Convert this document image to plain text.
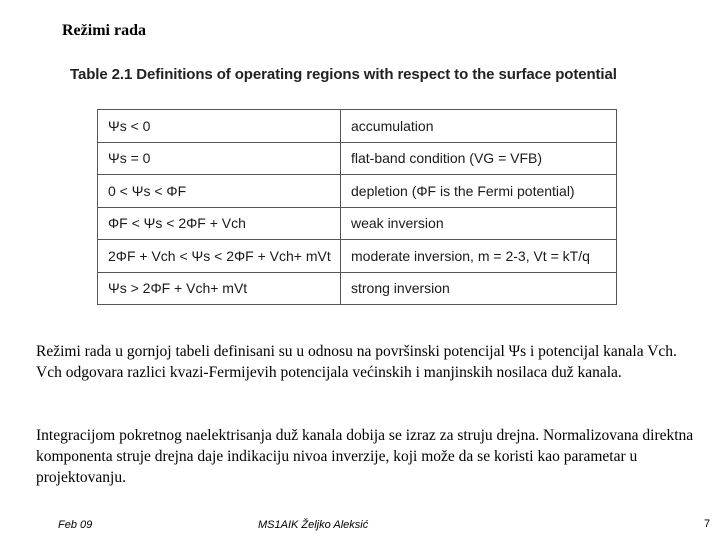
Režimi rada
Table 2.1 Definitions of operating regions with respect to the surface potential
Ψs < 0	accumulation
Ψs = 0	flat-band condition (VG = VFB)
0 < Ψs < ΦF	depletion (ΦF is the Fermi potential)
ΦF < Ψs < 2ΦF + Vch	weak inversion
2ΦF + Vch < Ψs < 2ΦF + Vch+ mVt	moderate inversion, m = 2-3, Vt = kT/q
Ψs > 2ΦF + Vch+ mVt	strong inversion
Režimi rada u gornjoj tabeli definisani su u odnosu na površinski potencijal Ψs i potencijal kanala Vch. Vch odgovara razlici kvazi-Fermijevih potencijala većinskih i manjinskih nosilaca duž kanala.
Integracijom pokretnog naelektrisanja duž kanala dobija se izraz za struju drejna. Normalizovana direktna komponenta struje drejna daje indikaciju nivoa inverzije, koji može da se koristi kao parametar u projektovanju.
Feb 09	MS1AIK Željko Aleksić	7
